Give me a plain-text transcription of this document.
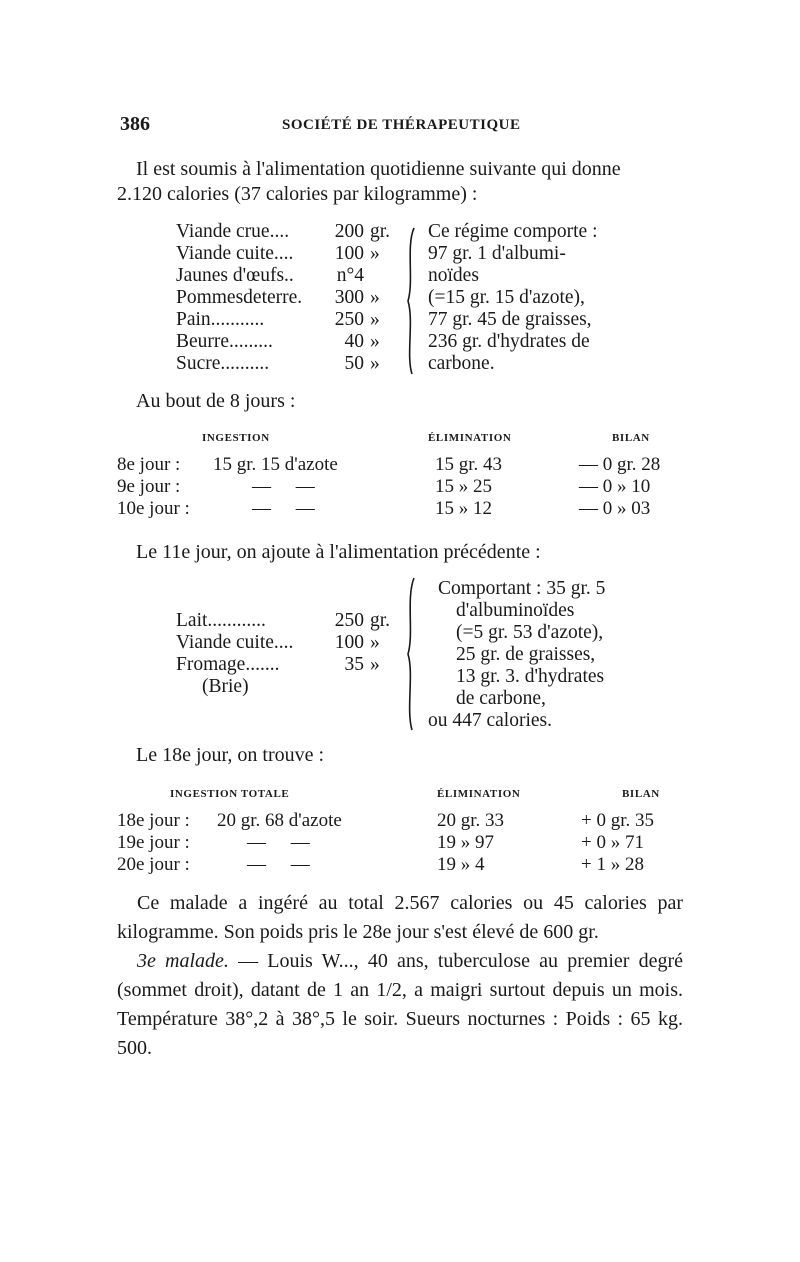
386	SOCIÉTÉ DE THÉRAPEUTIQUE
Il est soumis à l'alimentation quotidienne suivante qui donne
2.120 calories (37 calories par kilogramme) :
Viande crue....	200 gr.
Viande cuite....	100 »
Jaunes d'œufs..	n°4
Pommesdeterre.	300 »
Pain...........	250 »
Beurre.........	40 »
Sucre..........	50 »
Ce régime comporte :
97 gr. 1 d'albumi-
noïdes
(=15 gr. 15 d'azote),
77 gr. 45 de graisses,
236 gr. d'hydrates de
carbone.
Au bout de 8 jours :
INGESTION	ÉLIMINATION	BILAN
8e jour : 15 gr. 15 d'azote	15 gr. 43	— 0 gr. 28
9e jour :	— —	15 » 25	— 0 » 10
10e jour :	— —	15 » 12	— 0 » 03
Le 11e jour, on ajoute à l'alimentation précédente :
Lait............	250 gr.
Viande cuite....	100 »
Fromage.......	35 »
(Brie)
Comportant : 35 gr. 5
d'albuminoïdes
(=5 gr. 53 d'azote),
25 gr. de graisses,
13 gr. 3. d'hydrates
de carbone,
ou 447 calories.
Le 18e jour, on trouve :
INGESTION TOTALE	ÉLIMINATION	BILAN
18e jour : 20 gr. 68 d'azote	20 gr. 33	+ 0 gr. 35
19e jour :	— —	19 » 97	+ 0 » 71
20e jour :	— —	19 » 4	+ 1 » 28

Ce malade a ingéré au total 2.567 calories ou 45 calories par kilogramme. Son poids pris le 28e jour s'est élevé de 600 gr.

3e malade. — Louis W..., 40 ans, tuberculose au premier degré (sommet droit), datant de 1 an 1/2, a maigri surtout depuis un mois. Température 38°,2 à 38°,5 le soir. Sueurs nocturnes : Poids : 65 kg. 500.
